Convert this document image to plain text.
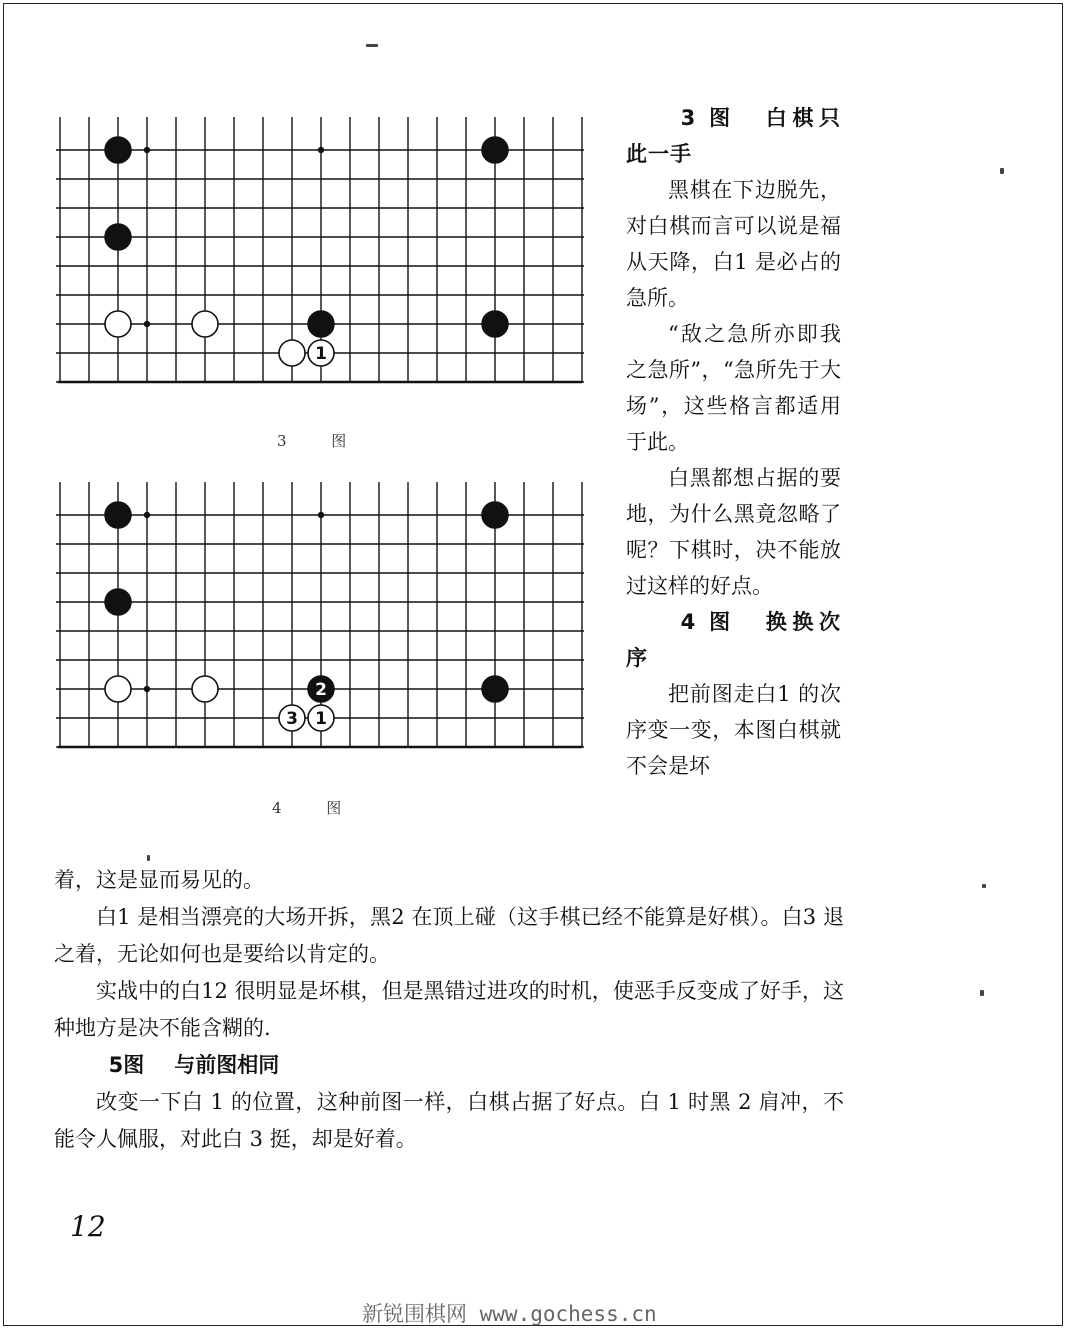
1
3 图
2
3 1
4 图

3 图 白棋只此一手

黑棋在下边脱先，对白棋而言可以说是福从天降，白1 是必占的急所。

“敌之急所亦即我之急所”，“急所先于大场”，这些格言都适用于此。

白黑都想占据的要地，为什么黑竟忽略了呢？下棋时，决不能放过这样的好点。

4 图 换换次序

把前图走白1 的次序变一变，本图白棋就不会是坏

着，这是显而易见的。

白1 是相当漂亮的大场开拆，黑2 在顶上碰（这手棋已经不能算是好棋）。白3 退之着，无论如何也是要给以肯定的。

实战中的白12 很明显是坏棋，但是黑错过进攻的时机，使恶手反变成了好手，这种地方是决不能含糊的.

5图 与前图相同

改变一下白 1 的位置，这种前图一样，白棋占据了好点。白 1 时黑 2 肩冲，不能令人佩服，对此白 3 挺，却是好着。

12
新锐围棋网 www.gochess.cn
